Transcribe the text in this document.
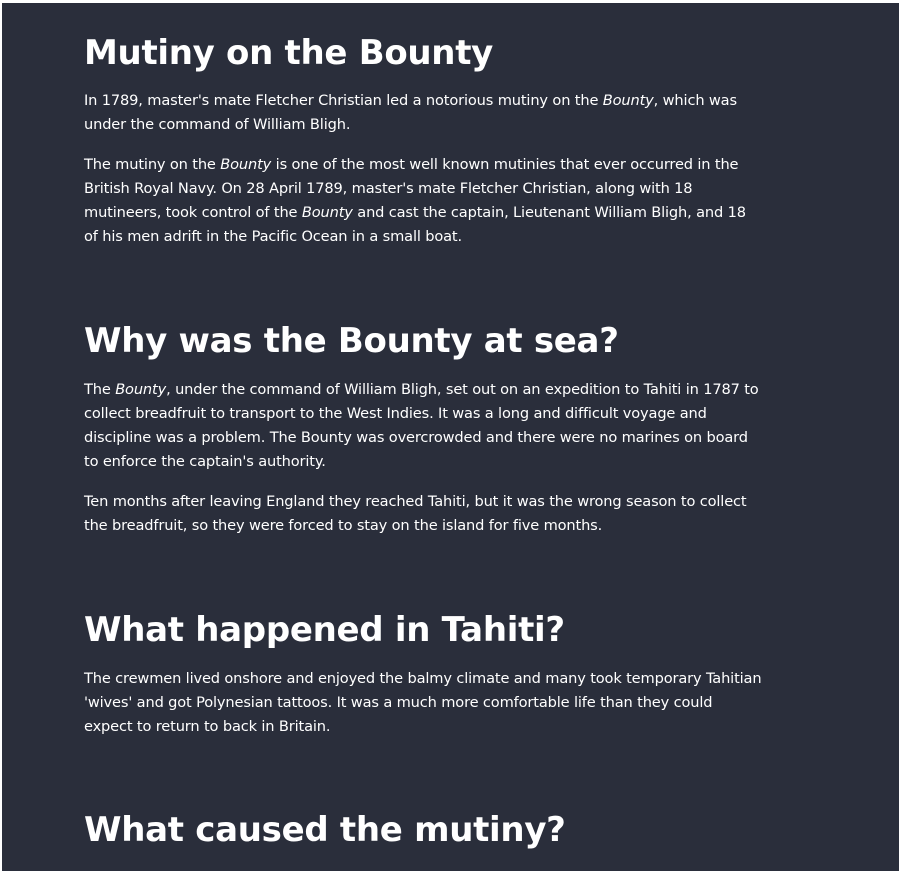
Mutiny on the Bounty

In 1789, master's mate Fletcher Christian led a notorious mutiny on the Bounty, which was under the command of William Bligh.

The mutiny on the Bounty is one of the most well known mutinies that ever occurred in the British Royal Navy. On 28 April 1789, master's mate Fletcher Christian, along with 18 mutineers, took control of the Bounty and cast the captain, Lieutenant William Bligh, and 18 of his men adrift in the Pacific Ocean in a small boat.

Why was the Bounty at sea?

The Bounty, under the command of William Bligh, set out on an expedition to Tahiti in 1787 to collect breadfruit to transport to the West Indies. It was a long and difficult voyage and discipline was a problem. The Bounty was overcrowded and there were no marines on board to enforce the captain's authority.

Ten months after leaving England they reached Tahiti, but it was the wrong season to collect the breadfruit, so they were forced to stay on the island for five months.

What happened in Tahiti?

The crewmen lived onshore and enjoyed the balmy climate and many took temporary Tahitian 'wives' and got Polynesian tattoos. It was a much more comfortable life than they could expect to return to back in Britain.

What caused the mutiny?
